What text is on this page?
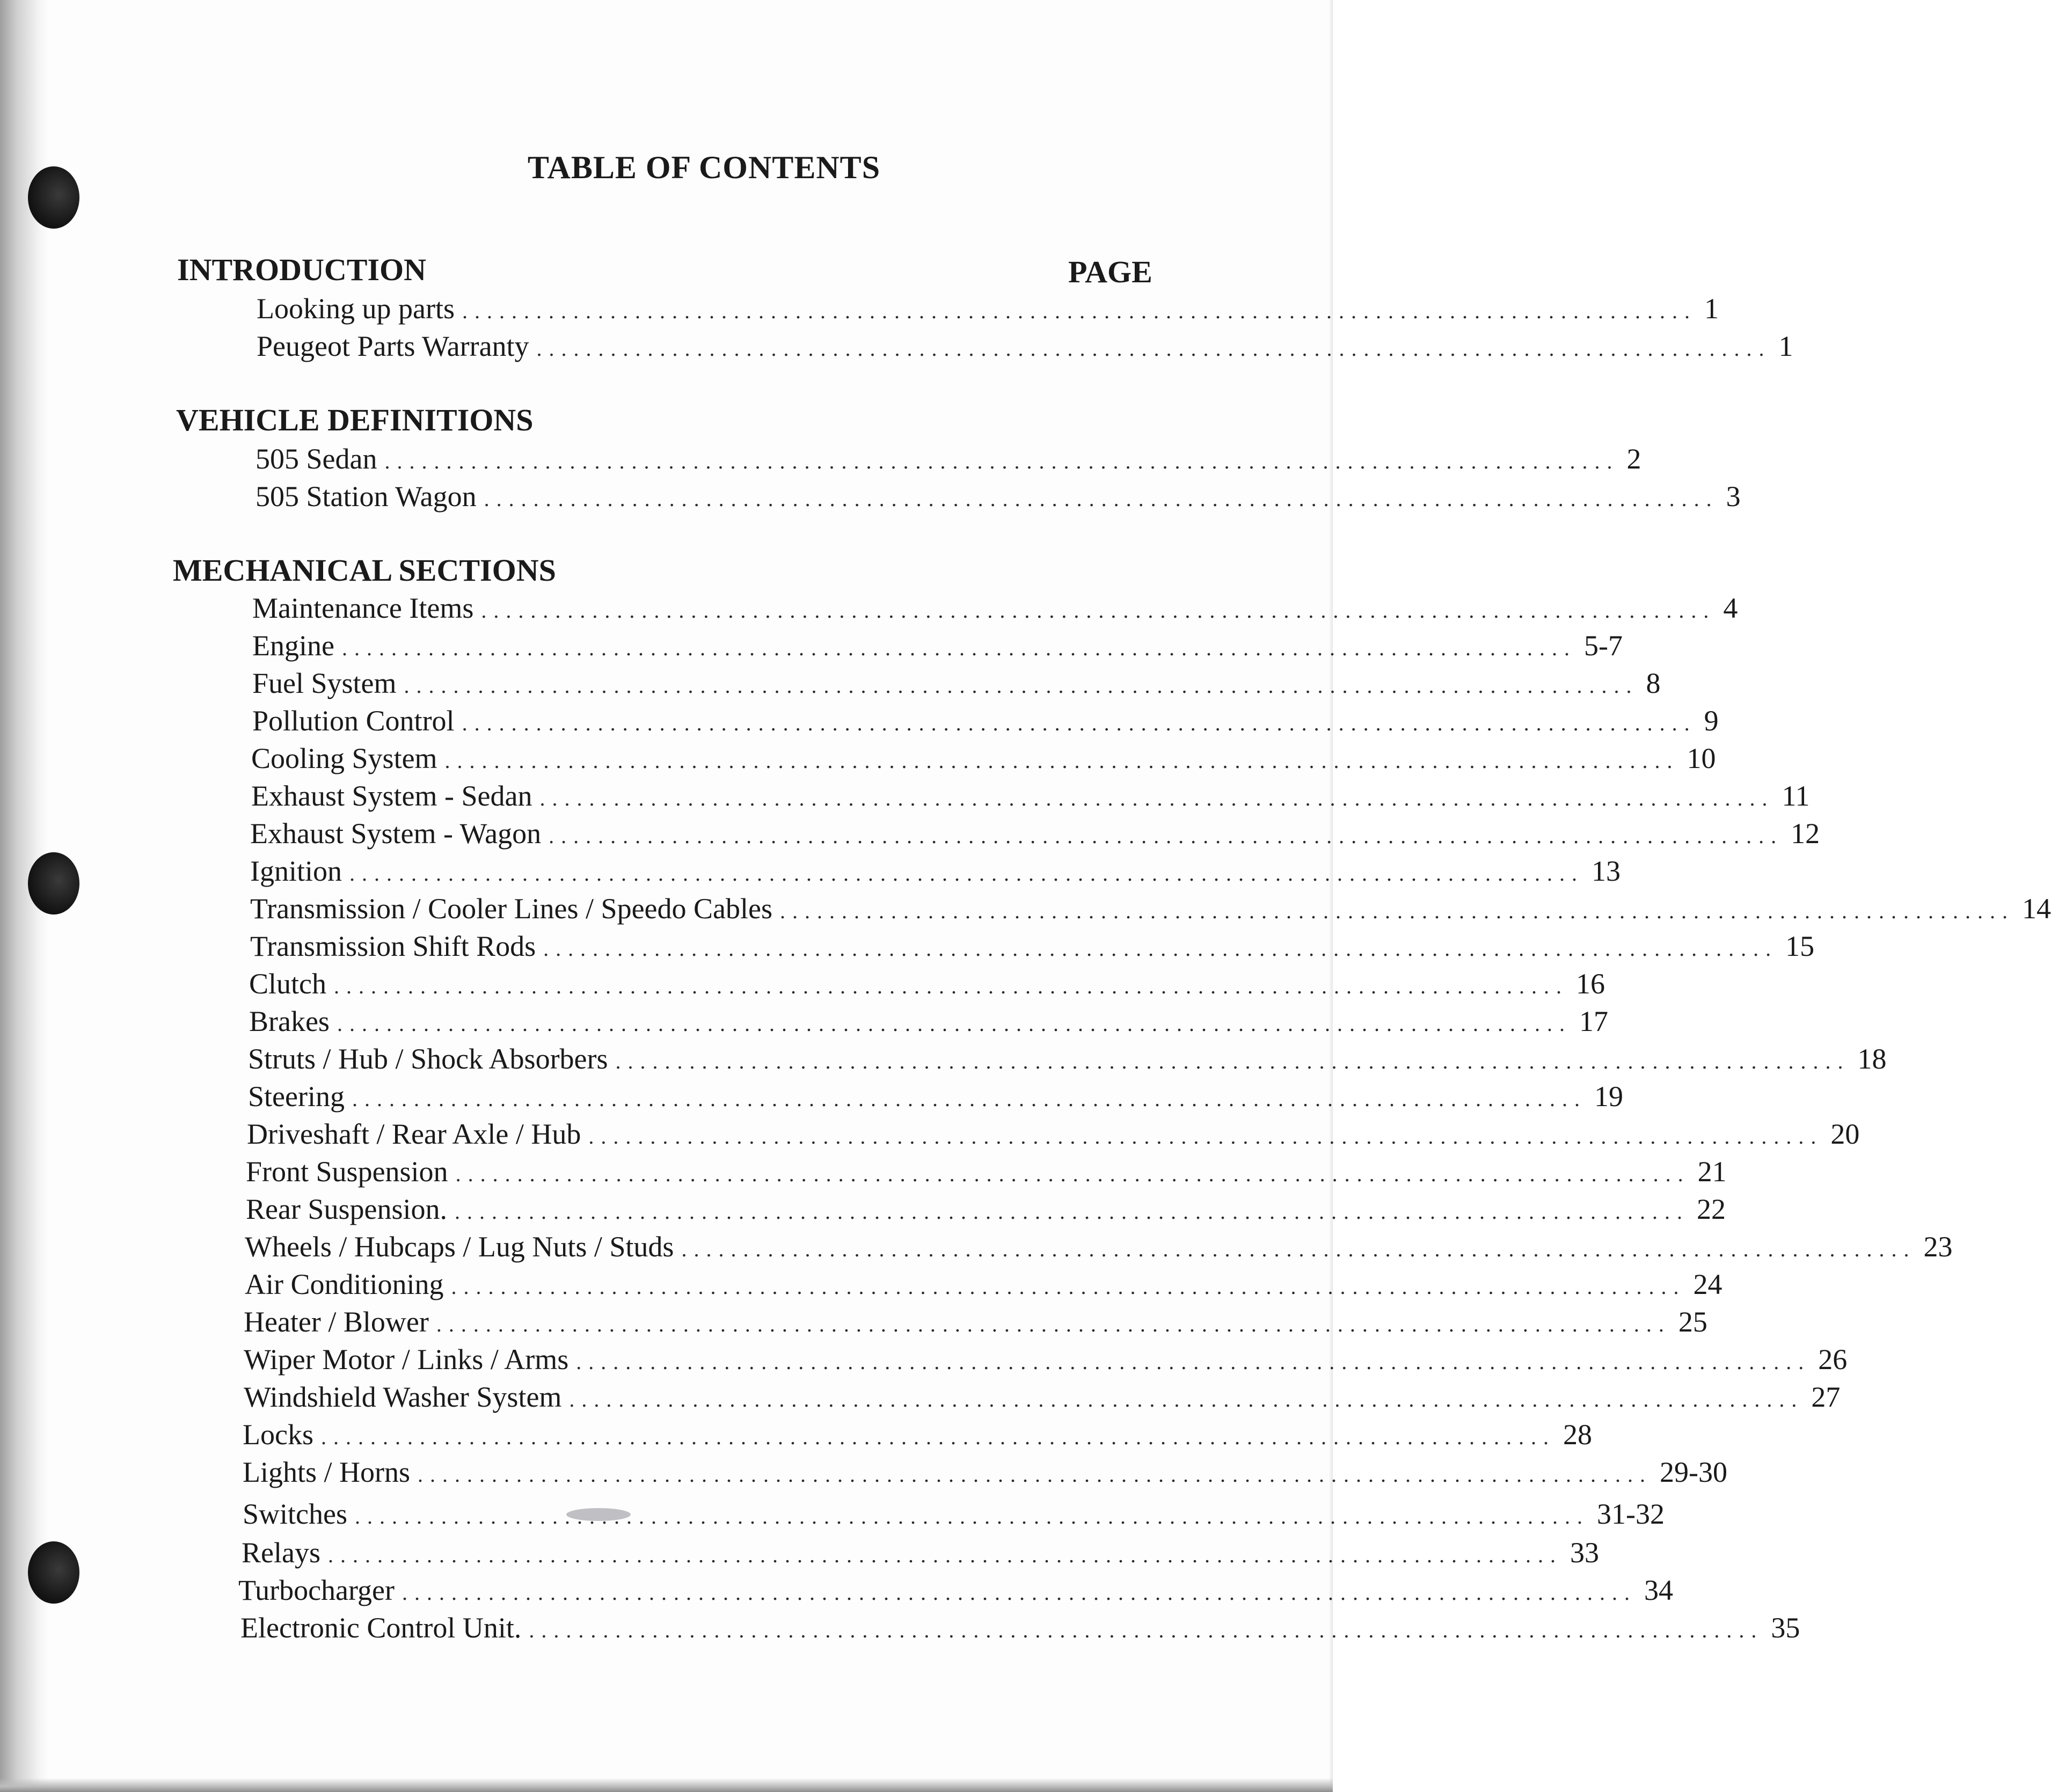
TABLE OF CONTENTS
PAGE
INTRODUCTION
Looking up parts .................................................................................................... 1
Peugeot Parts Warranty .................................................................................................... 1
VEHICLE DEFINITIONS
505 Sedan .................................................................................................... 2
505 Station Wagon .................................................................................................... 3
MECHANICAL SECTIONS
Maintenance Items .................................................................................................... 4
Engine .................................................................................................... 5-7
Fuel System .................................................................................................... 8
Pollution Control .................................................................................................... 9
Cooling System .................................................................................................... 10
Exhaust System - Sedan .................................................................................................... 11
Exhaust System - Wagon .................................................................................................... 12
Ignition .................................................................................................... 13
Transmission / Cooler Lines / Speedo Cables .................................................................................................... 14
Transmission Shift Rods .................................................................................................... 15
Clutch .................................................................................................... 16
Brakes .................................................................................................... 17
Struts / Hub / Shock Absorbers .................................................................................................... 18
Steering .................................................................................................... 19
Driveshaft / Rear Axle / Hub .................................................................................................... 20
Front Suspension .................................................................................................... 21
Rear Suspension. .................................................................................................... 22
Wheels / Hubcaps / Lug Nuts / Studs .................................................................................................... 23
Air Conditioning .................................................................................................... 24
Heater / Blower .................................................................................................... 25
Wiper Motor / Links / Arms .................................................................................................... 26
Windshield Washer System .................................................................................................... 27
Locks .................................................................................................... 28
Lights / Horns .................................................................................................... 29-30
Switches .................................................................................................... 31-32
Relays .................................................................................................... 33
Turbocharger .................................................................................................... 34
Electronic Control Unit. .................................................................................................... 35
